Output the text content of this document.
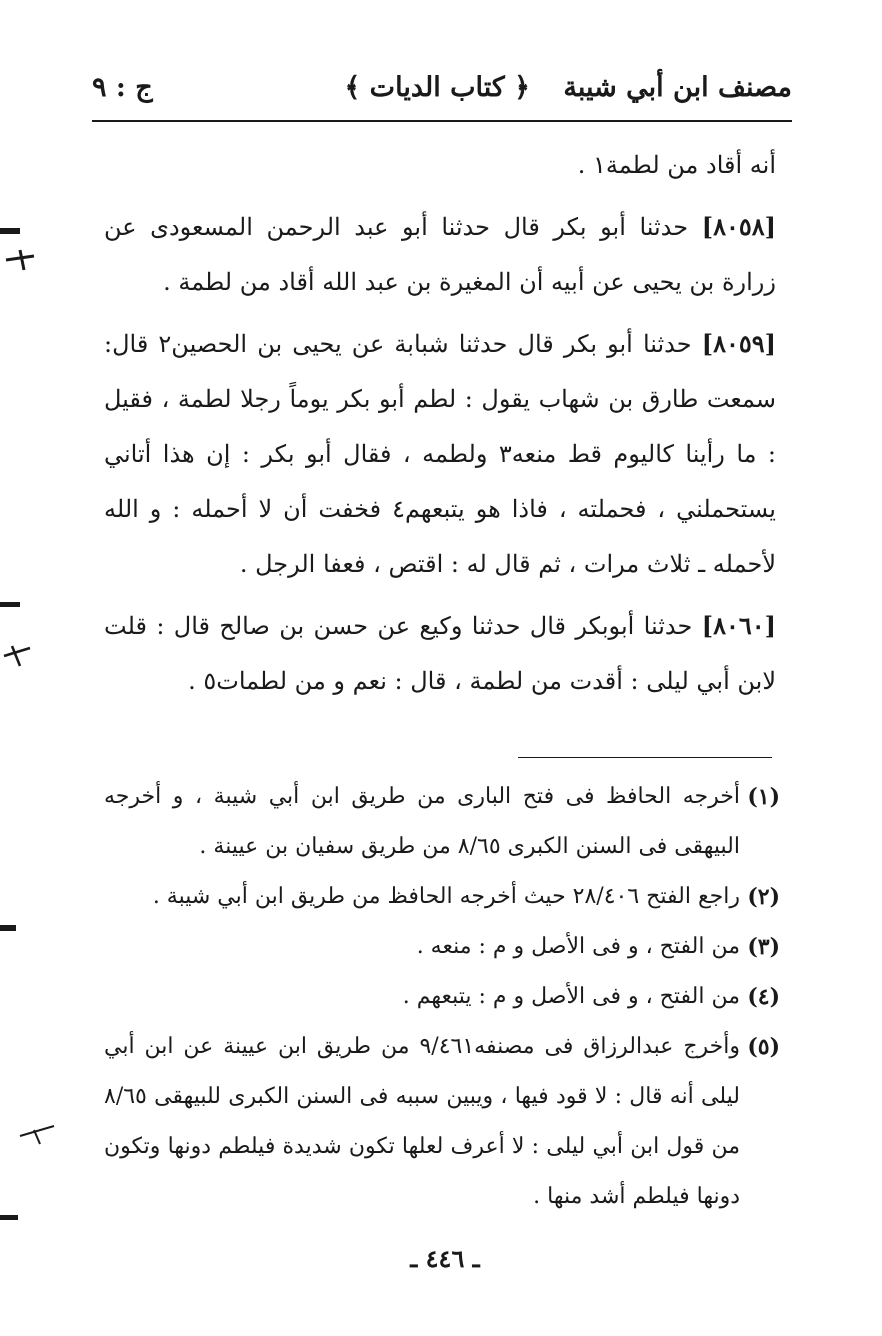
مصنف ابن أبي شيبة
﴿ كتاب الديات ﴾
ج : ٩

أنه أقاد من لطمة١ .

[٨٠٥٨] حدثنا أبو بكر قال حدثنا أبو عبد الرحمن المسعودى عن زرارة بن يحيى عن أبيه أن المغيرة بن عبد الله أقاد من لطمة .

[٨٠٥٩] حدثنا أبو بكر قال حدثنا شبابة عن يحيى بن الحصين٢ قال: سمعت طارق بن شهاب يقول : لطم أبو بكر يوماً رجلا لطمة ، فقيل : ما رأينا كاليوم قط منعه٣ ولطمه ، فقال أبو بكر : إن هذا أتاني يستحملني ، فحملته ، فاذا هو يتبعهم٤ فخفت أن لا أحمله : و الله لأحمله ـ ثلاث مرات ، ثم قال له : اقتص ، فعفا الرجل .

[٨٠٦٠] حدثنا أبوبكر قال حدثنا وكيع عن حسن بن صالح قال : قلت لابن أبي ليلى : أقدت من لطمة ، قال : نعم و من لطمات٥ .

(١)
أخرجه الحافظ فى فتح البارى من طريق ابن أبي شيبة ، و أخرجه البيهقى فى السنن الكبرى ٨/٦٥ من طريق سفيان بن عيينة .
(٢)
راجع الفتح ٢٨/٤٠٦ حيث أخرجه الحافظ من طريق ابن أبي شيبة .
(٣)
من الفتح ، و فى الأصل و م : منعه .
(٤)
من الفتح ، و فى الأصل و م : يتبعهم .
(٥)
وأخرج عبدالرزاق فى مصنفه٩/٤٦١ من طريق ابن عيينة عن ابن أبي ليلى أنه قال : لا قود فيها ، ويبين سببه فى السنن الكبرى للبيهقى ٨/٦٥ من قول ابن أبي ليلى : لا أعرف لعلها تكون شديدة فيلطم دونها وتكون دونها فيلطم أشد منها .
ـ ٤٤٦ ـ
